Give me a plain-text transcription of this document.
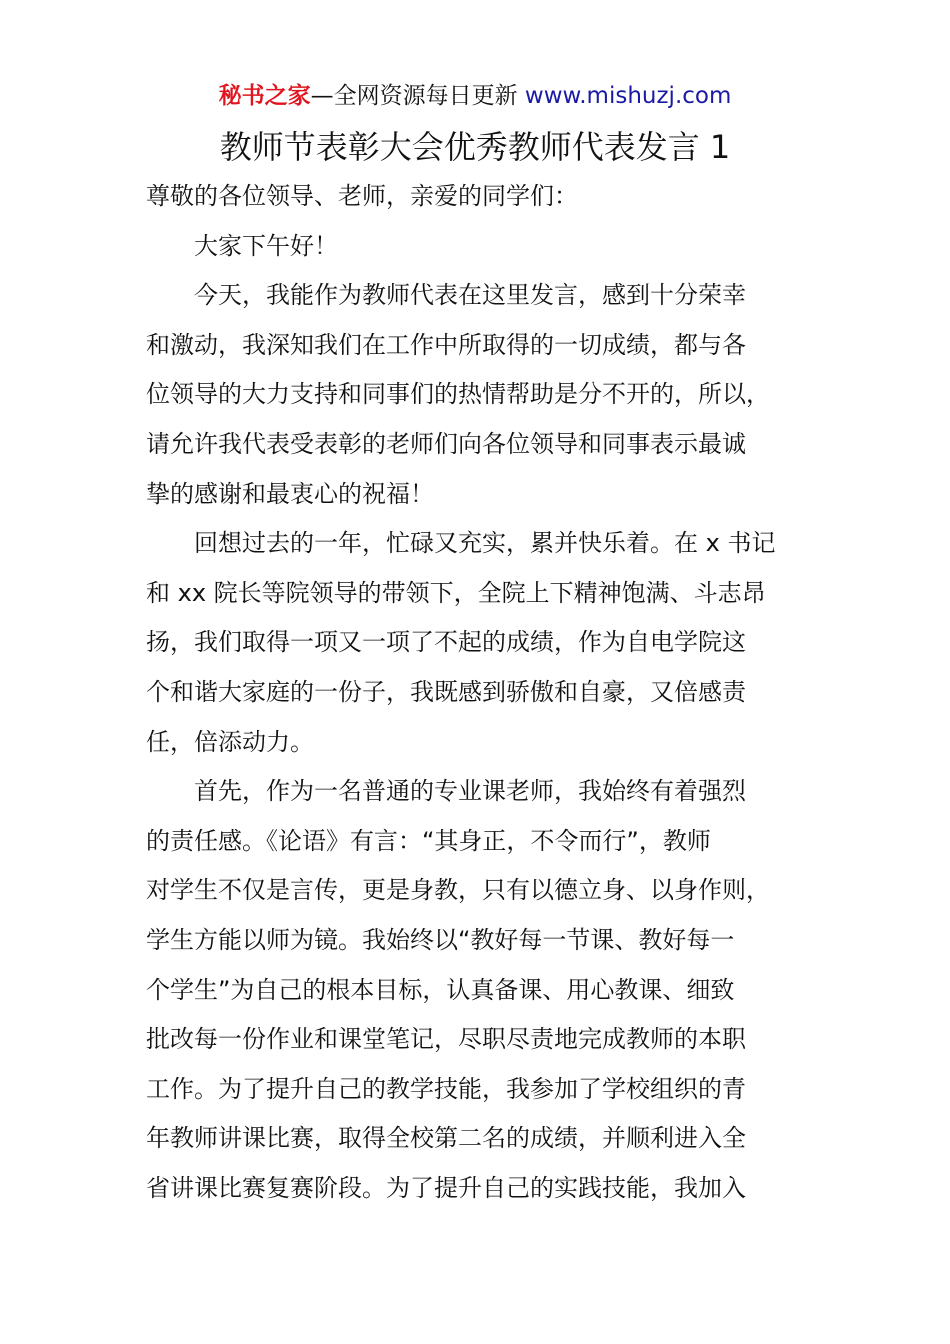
秘书之家—全网资源每日更新 www.mishuzj.com
教师节表彰大会优秀教师代表发言 1

尊敬的各位领导、老师，亲爱的同学们：

大家下午好！

今天，我能作为教师代表在这里发言，感到十分荣幸

和激动，我深知我们在工作中所取得的一切成绩，都与各

位领导的大力支持和同事们的热情帮助是分不开的，所以，

请允许我代表受表彰的老师们向各位领导和同事表示最诚

挚的感谢和最衷心的祝福！

回想过去的一年，忙碌又充实，累并快乐着。在 x 书记

和 xx 院长等院领导的带领下，全院上下精神饱满、斗志昂

扬，我们取得一项又一项了不起的成绩，作为自电学院这

个和谐大家庭的一份子，我既感到骄傲和自豪，又倍感责

任，倍添动力。

首先，作为一名普通的专业课老师，我始终有着强烈

的责任感。《论语》有言：“其身正，不令而行”，教师

对学生不仅是言传，更是身教，只有以德立身、以身作则，

学生方能以师为镜。我始终以“教好每一节课、教好每一

个学生”为自己的根本目标，认真备课、用心教课、细致

批改每一份作业和课堂笔记，尽职尽责地完成教师的本职

工作。为了提升自己的教学技能，我参加了学校组织的青

年教师讲课比赛，取得全校第二名的成绩，并顺利进入全

省讲课比赛复赛阶段。为了提升自己的实践技能，我加入
